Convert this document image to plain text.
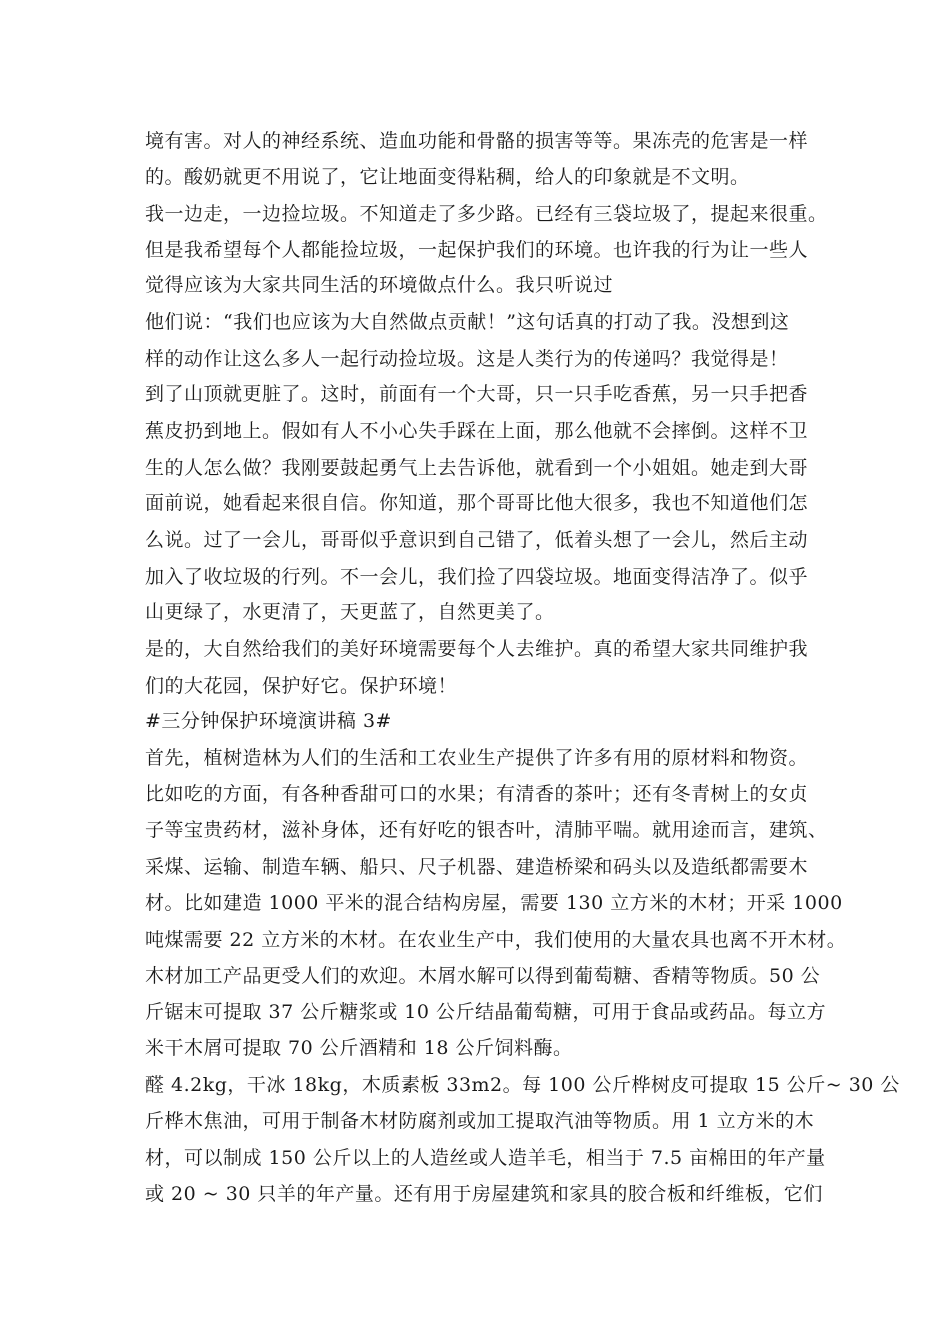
境有害。对人的神经系统、造血功能和骨骼的损害等等。果冻壳的危害是一样
的。酸奶就更不用说了，它让地面变得粘稠，给人的印象就是不文明。
我一边走，一边捡垃圾。不知道走了多少路。已经有三袋垃圾了，提起来很重。
但是我希望每个人都能捡垃圾，一起保护我们的环境。也许我的行为让一些人
觉得应该为大家共同生活的环境做点什么。我只听说过
他们说：“我们也应该为大自然做点贡献！”这句话真的打动了我。没想到这
样的动作让这么多人一起行动捡垃圾。这是人类行为的传递吗？我觉得是！
到了山顶就更脏了。这时，前面有一个大哥，只一只手吃香蕉，另一只手把香
蕉皮扔到地上。假如有人不小心失手踩在上面，那么他就不会摔倒。这样不卫
生的人怎么做？我刚要鼓起勇气上去告诉他，就看到一个小姐姐。她走到大哥
面前说，她看起来很自信。你知道，那个哥哥比他大很多，我也不知道他们怎
么说。过了一会儿，哥哥似乎意识到自己错了，低着头想了一会儿，然后主动
加入了收垃圾的行列。不一会儿，我们捡了四袋垃圾。地面变得洁净了。似乎
山更绿了，水更清了，天更蓝了，自然更美了。
是的，大自然给我们的美好环境需要每个人去维护。真的希望大家共同维护我
们的大花园，保护好它。保护环境！
#三分钟保护环境演讲稿 3#
首先，植树造林为人们的生活和工农业生产提供了许多有用的原材料和物资。
比如吃的方面，有各种香甜可口的水果；有清香的茶叶；还有冬青树上的女贞
子等宝贵药材，滋补身体，还有好吃的银杏叶，清肺平喘。就用途而言，建筑、
采煤、运输、制造车辆、船只、尺子机器、建造桥梁和码头以及造纸都需要木
材。比如建造 1000 平米的混合结构房屋，需要 130 立方米的木材；开采 1000
吨煤需要 22 立方米的木材。在农业生产中，我们使用的大量农具也离不开木材。
木材加工产品更受人们的欢迎。木屑水解可以得到葡萄糖、香精等物质。50 公
斤锯末可提取 37 公斤糖浆或 10 公斤结晶葡萄糖，可用于食品或药品。每立方
米干木屑可提取 70 公斤酒精和 18 公斤饲料酶。
醛 4.2kg，干冰 18kg，木质素板 33m2。每 100 公斤桦树皮可提取 15 公斤~ 30 公
斤桦木焦油，可用于制备木材防腐剂或加工提取汽油等物质。用 1 立方米的木
材，可以制成 150 公斤以上的人造丝或人造羊毛，相当于 7.5 亩棉田的年产量
或 20 ~ 30 只羊的年产量。还有用于房屋建筑和家具的胶合板和纤维板，它们
